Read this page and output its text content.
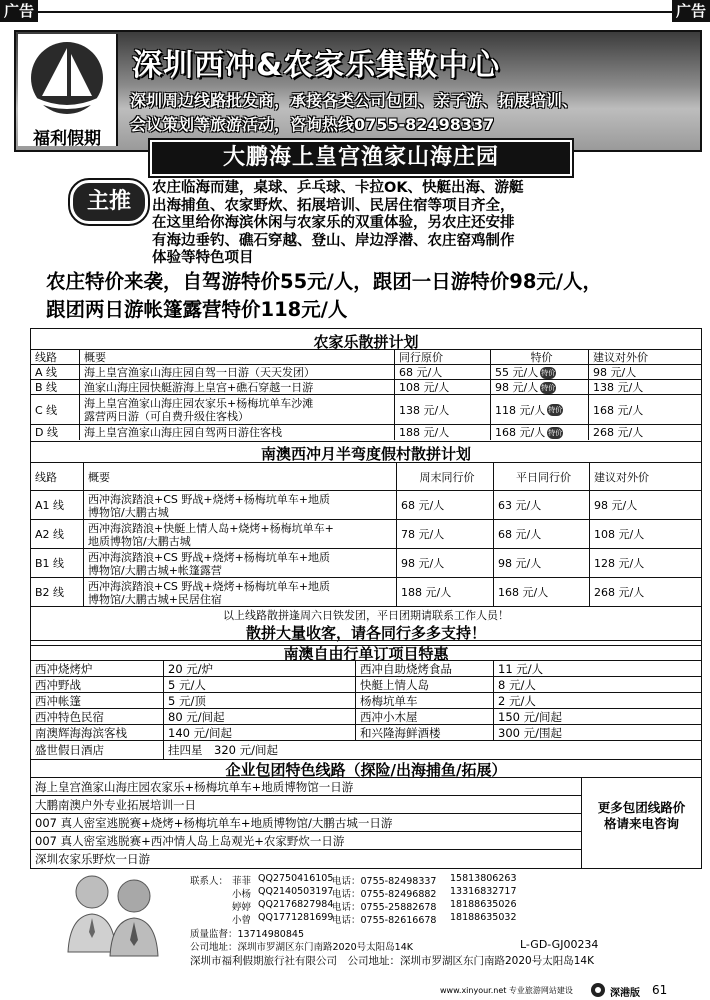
广告	广告
福利假期
深圳西冲&农家乐集散中心
深圳周边线路批发商，承接各类公司包团、亲子游、拓展培训、
会议策划等旅游活动，咨询热线0755-82498337
大鹏海上皇宫渔家山海庄园
主推
农庄临海而建，桌球、乒乓球、卡拉OK、快艇出海、游艇
出海捕鱼、农家野炊、拓展培训、民居住宿等项目齐全，
在这里给你海滨休闲与农家乐的双重体验，另农庄还安排
有海边垂钓、礁石穿越、登山、岸边浮潜、农庄窑鸡制作
体验等特色项目
农庄特价来袭，自驾游特价55元/人，跟团一日游特价98元/人，
跟团两日游帐篷露营特价118元/人
农家乐散拼计划
线路	概要	同行原价	特价	建议对外价
A 线	海上皇宫渔家山海庄园自驾一日游（天天发团）	68 元/人	55 元/人 特价	98 元/人
B 线	渔家山海庄园快艇游海上皇宫+礁石穿越一日游	108 元/人	98 元/人 特价	138 元/人
C 线	海上皇宫渔家山海庄园农家乐+杨梅坑单车沙滩
露营两日游（可自费升级住客栈）	138 元/人	118 元/人 特价	168 元/人
D 线	海上皇宫渔家山海庄园自驾两日游住客栈	188 元/人	168 元/人 特价	268 元/人
南澳西冲月半弯度假村散拼计划
线路	概要	周末同行价	平日同行价	建议对外价
A1 线	西冲海滨踏浪+CS 野战+烧烤+杨梅坑单车+地质
博物馆/大鹏古城	68 元/人	63 元/人	98 元/人
A2 线	西冲海滨踏浪+快艇上情人岛+烧烤+杨梅坑单车+
地质博物馆/大鹏古城	78 元/人	68 元/人	108 元/人
B1 线	西冲海滨踏浪+CS 野战+烧烤+杨梅坑单车+地质
博物馆/大鹏古城+帐篷露营	98 元/人	98 元/人	128 元/人
B2 线	西冲海滨踏浪+CS 野战+烧烤+杨梅坑单车+地质
博物馆/大鹏古城+民居住宿	188 元/人	168 元/人	268 元/人
以上线路散拼逢周六日铁发团，平日团期请联系工作人员！
散拼大量收客，请各同行多多支持！
南澳自由行单订项目特惠
西冲烧烤炉	20 元/炉	西冲自助烧烤食品	11 元/人
西冲野战	5 元/人	快艇上情人岛	8 元/人
西冲帐篷	5 元/顶	杨梅坑单车	2 元/人
西冲特色民宿	80 元/间起	西冲小木屋	150 元/间起
南澳辉海海滨客栈	140 元/间起	和兴隆海鲜酒楼	300 元/围起
盛世假日酒店	挂四星　320 元/间起
企业包团特色线路（探险/出海捕鱼/拓展）
海上皇宫渔家山海庄园农家乐+杨梅坑单车+地质博物馆一日游
大鹏南澳户外专业拓展培训一日
007 真人密室逃脱赛+烧烤+杨梅坑单车+地质博物馆/大鹏古城一日游
007 真人密室逃脱赛+西冲情人岛上岛观光+农家野炊一日游
深圳农家乐野炊一日游
更多包团线路价格请来电咨询
联系人： 菲菲 QQ2750416105
电话：0755-82498337 15813806263
小杨 QQ2140503197
电话：0755-82496882 13316832717
婷婷 QQ2176827984
电话：0755-25882678 18188635026
小曾 QQ1771281699
电话：0755-82616678 18188635032
质量监督：13714980845
公司地址：深圳市罗湖区东门南路2020号太阳岛14K	L-GD-GJ00234
深圳市福利假期旅行社有限公司　公司地址：深圳市罗湖区东门南路2020号太阳岛14K
www.xinyour.net 专业旅游网站建设	深港版 61
